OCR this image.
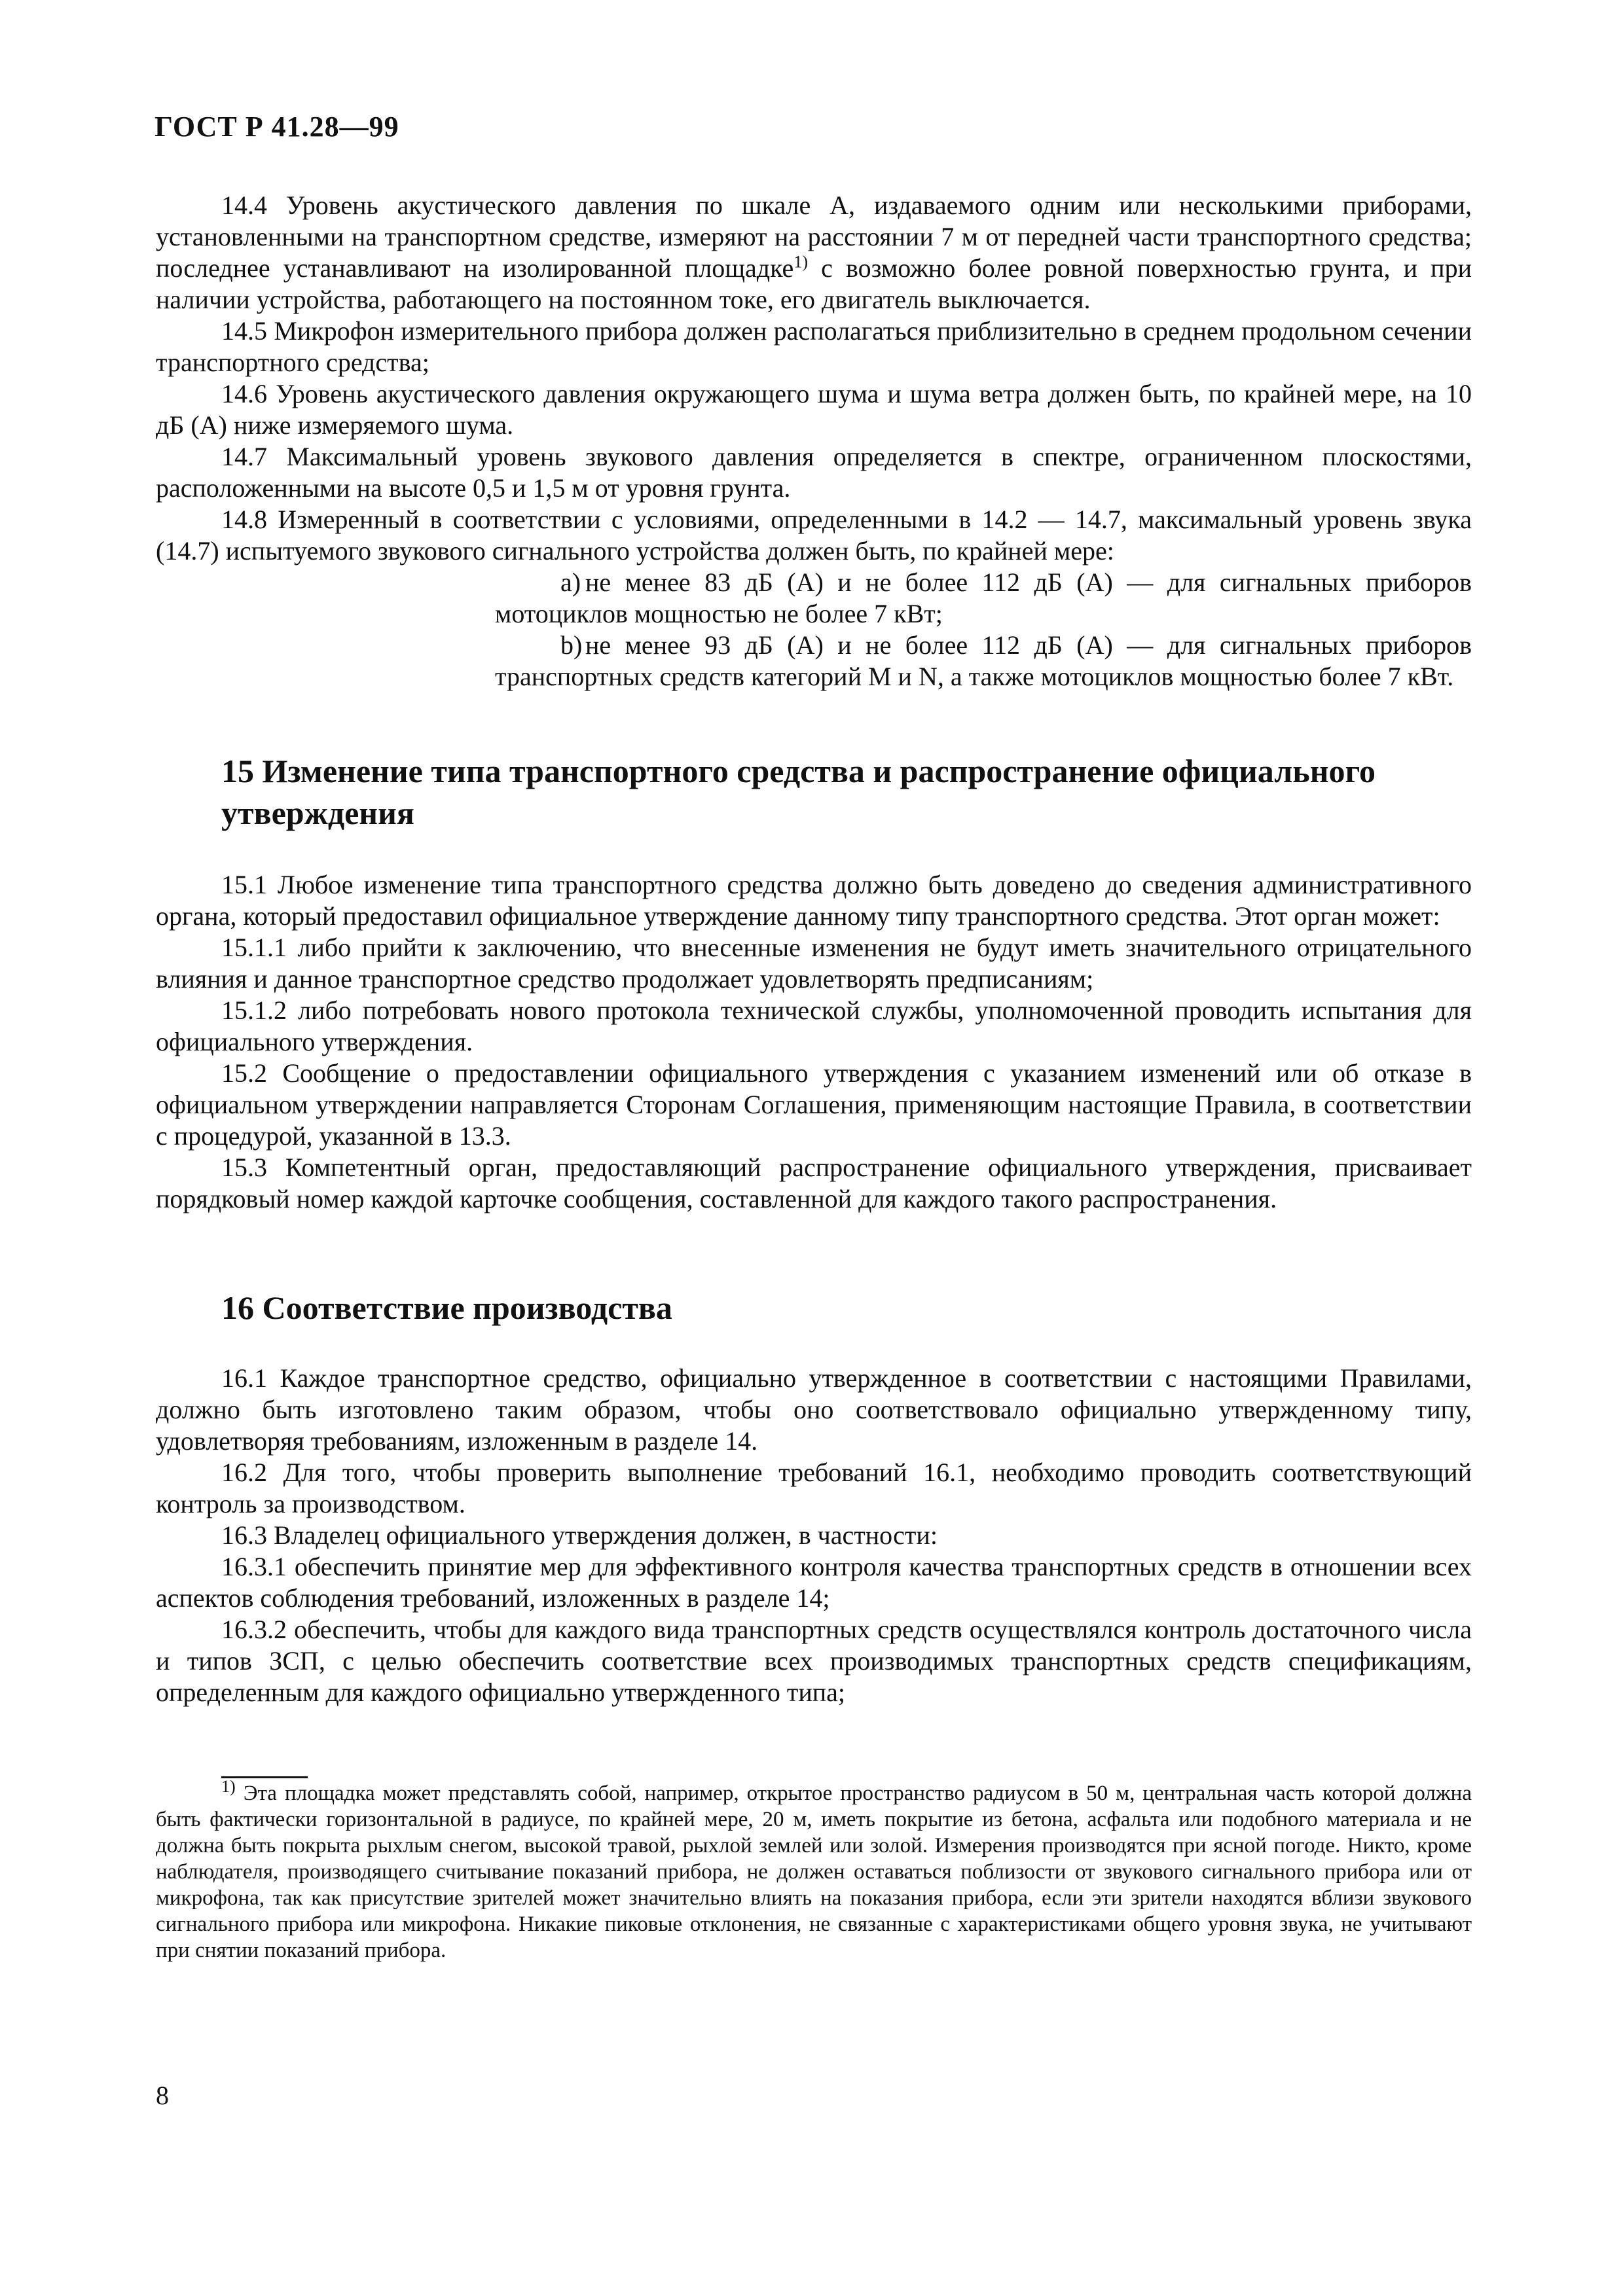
ГОСТ Р 41.28—99

14.4 Уровень акустического давления по шкале А, издаваемого одним или несколькими приборами, установленными на транспортном средстве, измеряют на расстоянии 7 м от передней части транспортного средства; последнее устанавливают на изолированной площадке$^{1)}$ с возможно более ровной поверхностью грунта, и при наличии устройства, работающего на постоянном токе, его двигатель выключается.

14.5 Микрофон измерительного прибора должен располагаться приблизительно в среднем продольном сечении транспортного средства;

14.6 Уровень акустического давления окружающего шума и шума ветра должен быть, по крайней мере, на 10 дБ (А) ниже измеряемого шума.

14.7 Максимальный уровень звукового давления определяется в спектре, ограниченном плоскостями, расположенными на высоте 0,5 и 1,5 м от уровня грунта.

14.8 Измеренный в соответствии с условиями, определенными в 14.2 — 14.7, максимальный уровень звука (14.7) испытуемого звукового сигнального устройства должен быть, по крайней мере:

a) не менее 83 дБ (А) и не более 112 дБ (А) — для сигнальных приборов мотоциклов мощностью не более 7 кВт;

b) не менее 93 дБ (А) и не более 112 дБ (А) — для сигнальных приборов транспортных средств категорий М и N, а также мотоциклов мощностью более 7 кВт.

15 Изменение типа транспортного средства и распространение официального утверждения

15.1 Любое изменение типа транспортного средства должно быть доведено до сведения административного органа, который предоставил официальное утверждение данному типу транспортного средства. Этот орган может:

15.1.1 либо прийти к заключению, что внесенные изменения не будут иметь значительного отрицательного влияния и данное транспортное средство продолжает удовлетворять предписаниям;

15.1.2 либо потребовать нового протокола технической службы, уполномоченной проводить испытания для официального утверждения.

15.2 Сообщение о предоставлении официального утверждения с указанием изменений или об отказе в официальном утверждении направляется Сторонам Соглашения, применяющим настоящие Правила, в соответствии с процедурой, указанной в 13.3.

15.3 Компетентный орган, предоставляющий распространение официального утверждения, присваивает порядковый номер каждой карточке сообщения, составленной для каждого такого распространения.

16 Соответствие производства

16.1 Каждое транспортное средство, официально утвержденное в соответствии с настоящими Правилами, должно быть изготовлено таким образом, чтобы оно соответствовало официально утвержденному типу, удовлетворяя требованиям, изложенным в разделе 14.

16.2 Для того, чтобы проверить выполнение требований 16.1, необходимо проводить соответствующий контроль за производством.

16.3 Владелец официального утверждения должен, в частности:

16.3.1 обеспечить принятие мер для эффективного контроля качества транспортных средств в отношении всех аспектов соблюдения требований, изложенных в разделе 14;

16.3.2 обеспечить, чтобы для каждого вида транспортных средств осуществлялся контроль достаточного числа и типов ЗСП, с целью обеспечить соответствие всех производимых транспортных средств спецификациям, определенным для каждого официально утвержденного типа;

$^{1)}$ Эта площадка может представлять собой, например, открытое пространство радиусом в 50 м, центральная часть которой должна быть фактически горизонтальной в радиусе, по крайней мере, 20 м, иметь покрытие из бетона, асфальта или подобного материала и не должна быть покрыта рыхлым снегом, высокой травой, рыхлой землей или золой. Измерения производятся при ясной погоде. Никто, кроме наблюдателя, производящего считывание показаний прибора, не должен оставаться поблизости от звукового сигнального прибора или от микрофона, так как присутствие зрителей может значительно влиять на показания прибора, если эти зрители находятся вблизи звукового сигнального прибора или микрофона. Никакие пиковые отклонения, не связанные с характеристиками общего уровня звука, не учитывают при снятии показаний прибора.

8
